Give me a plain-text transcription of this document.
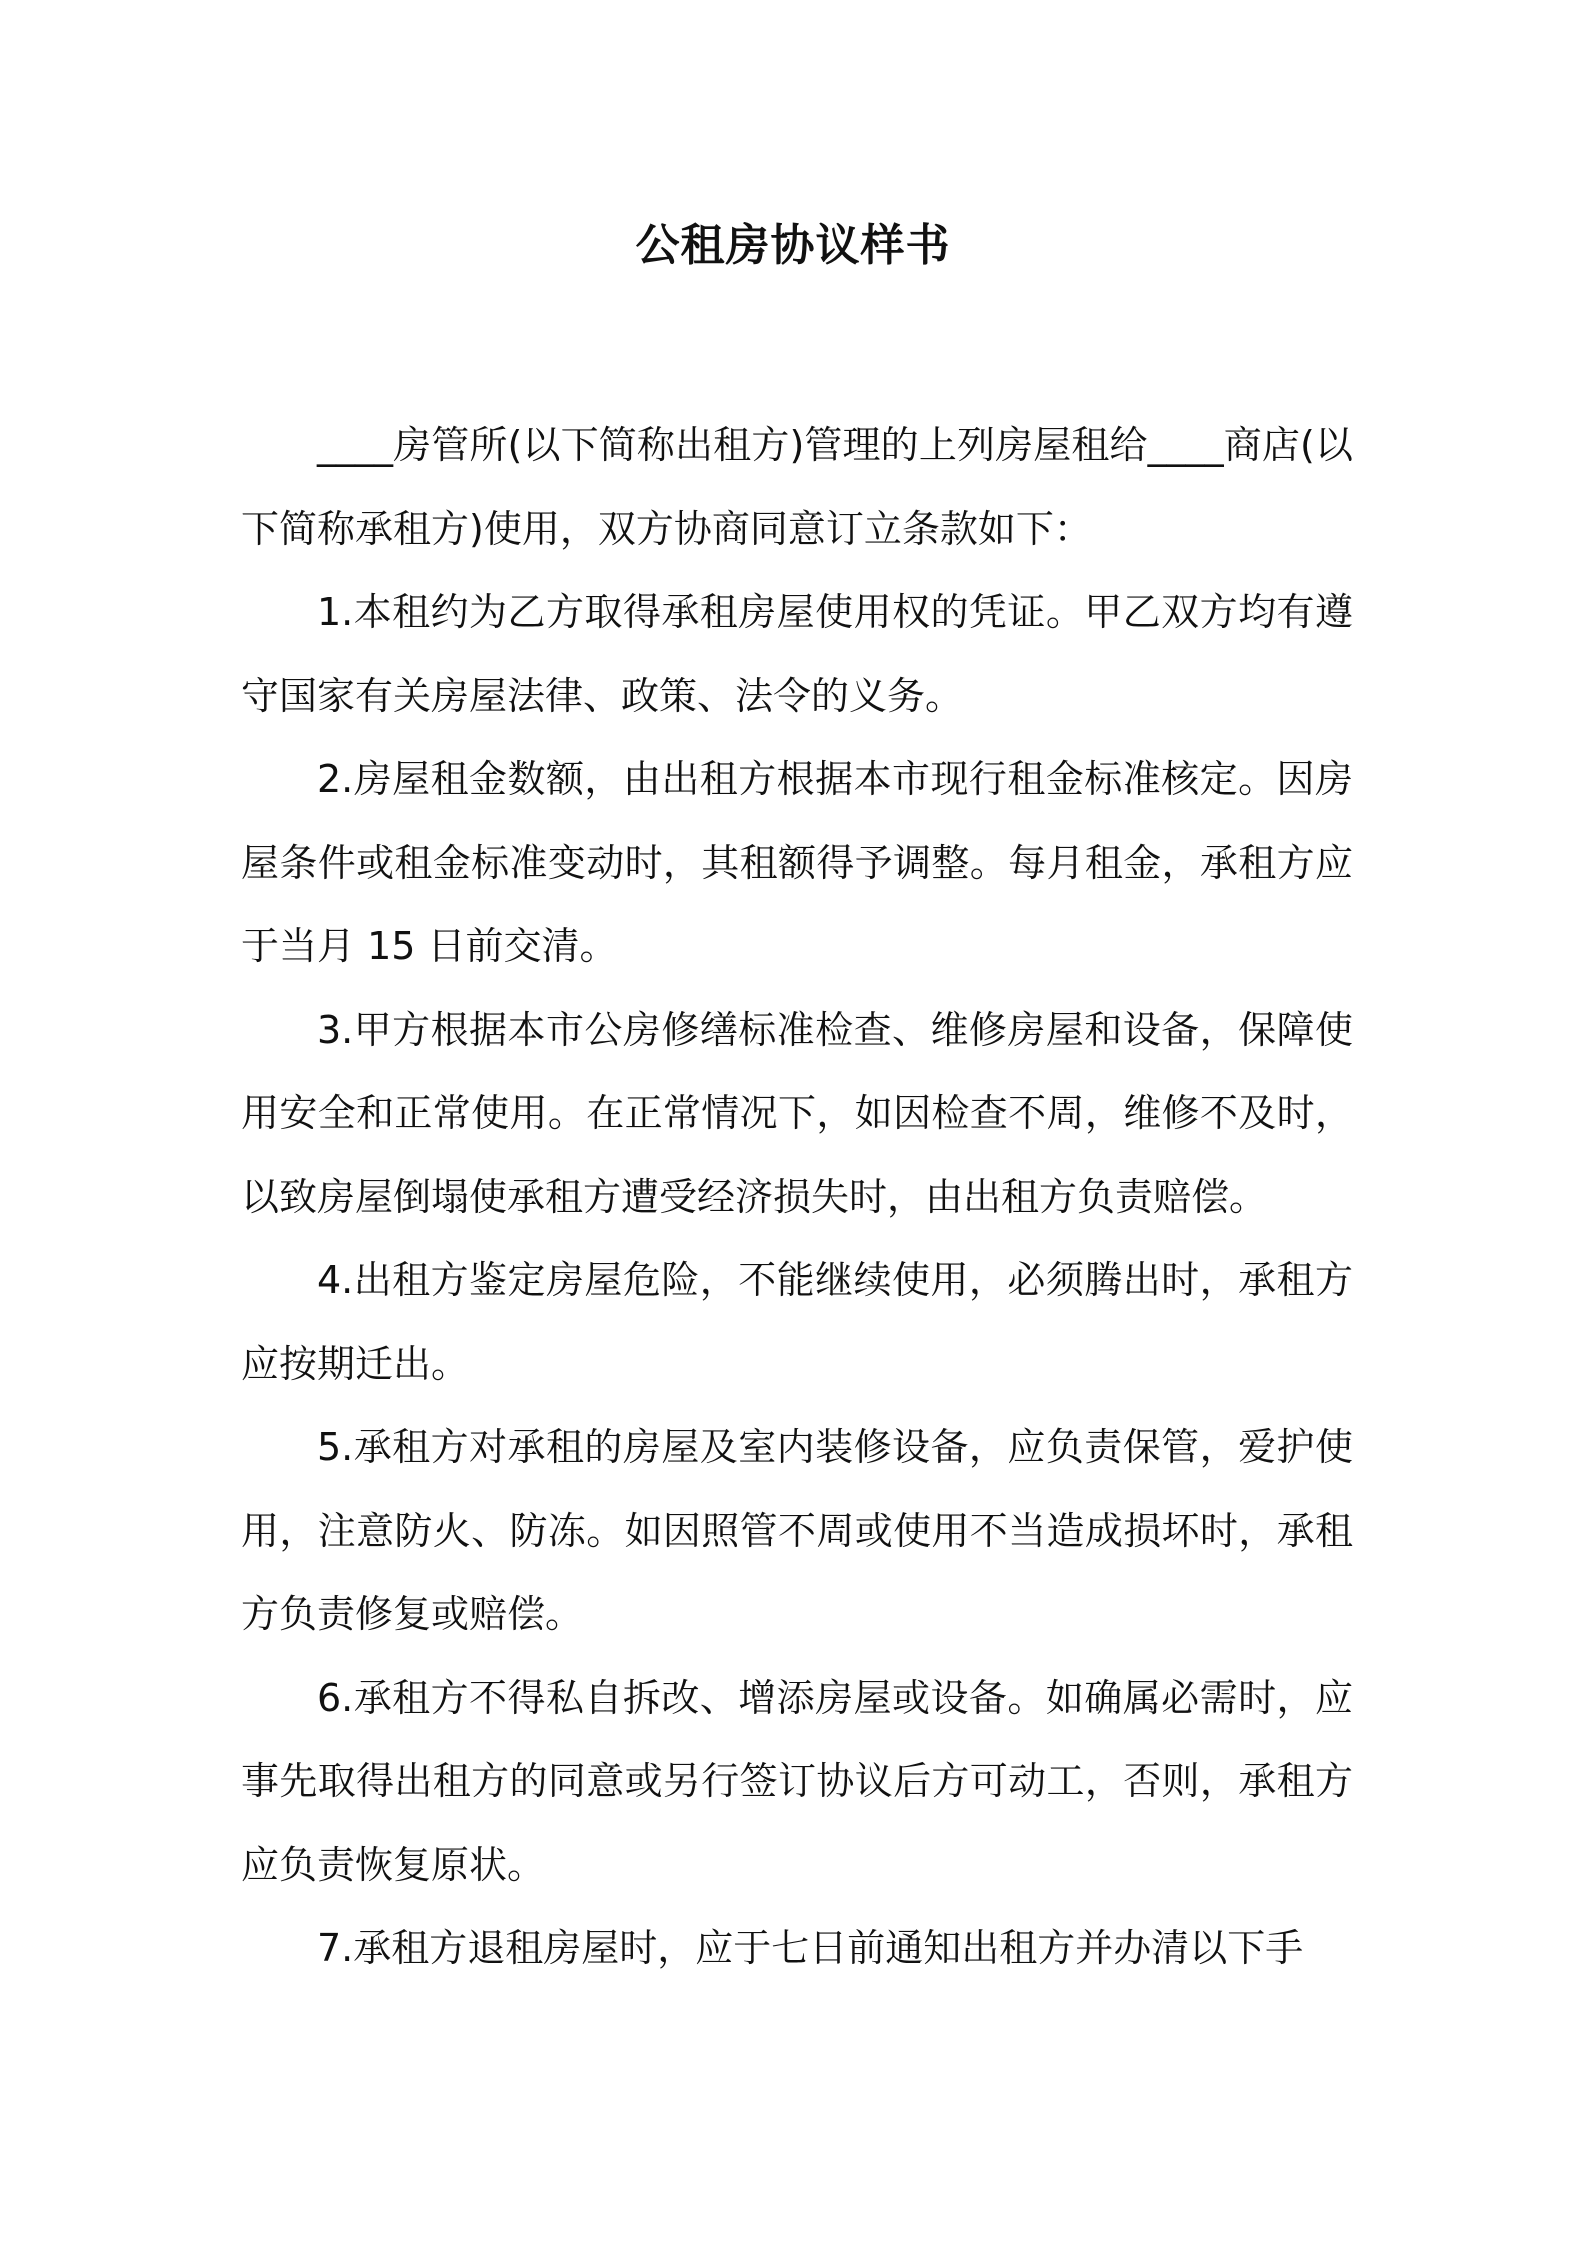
公租房协议样书

____房管所(以下简称出租方)管理的上列房屋租给____商店(以下简称承租方)使用，双方协商同意订立条款如下：

1.本租约为乙方取得承租房屋使用权的凭证。甲乙双方均有遵守国家有关房屋法律、政策、法令的义务。

2.房屋租金数额，由出租方根据本市现行租金标准核定。因房屋条件或租金标准变动时，其租额得予调整。每月租金，承租方应于当月 15 日前交清。

3.甲方根据本市公房修缮标准检查、维修房屋和设备，保障使用安全和正常使用。在正常情况下，如因检查不周，维修不及时，以致房屋倒塌使承租方遭受经济损失时，由出租方负责赔偿。

4.出租方鉴定房屋危险，不能继续使用，必须腾出时，承租方应按期迁出。

5.承租方对承租的房屋及室内装修设备，应负责保管，爱护使用，注意防火、防冻。如因照管不周或使用不当造成损坏时，承租方负责修复或赔偿。

6.承租方不得私自拆改、增添房屋或设备。如确属必需时，应事先取得出租方的同意或另行签订协议后方可动工，否则，承租方应负责恢复原状。

7.承租方退租房屋时，应于七日前通知出租方并办清以下手
